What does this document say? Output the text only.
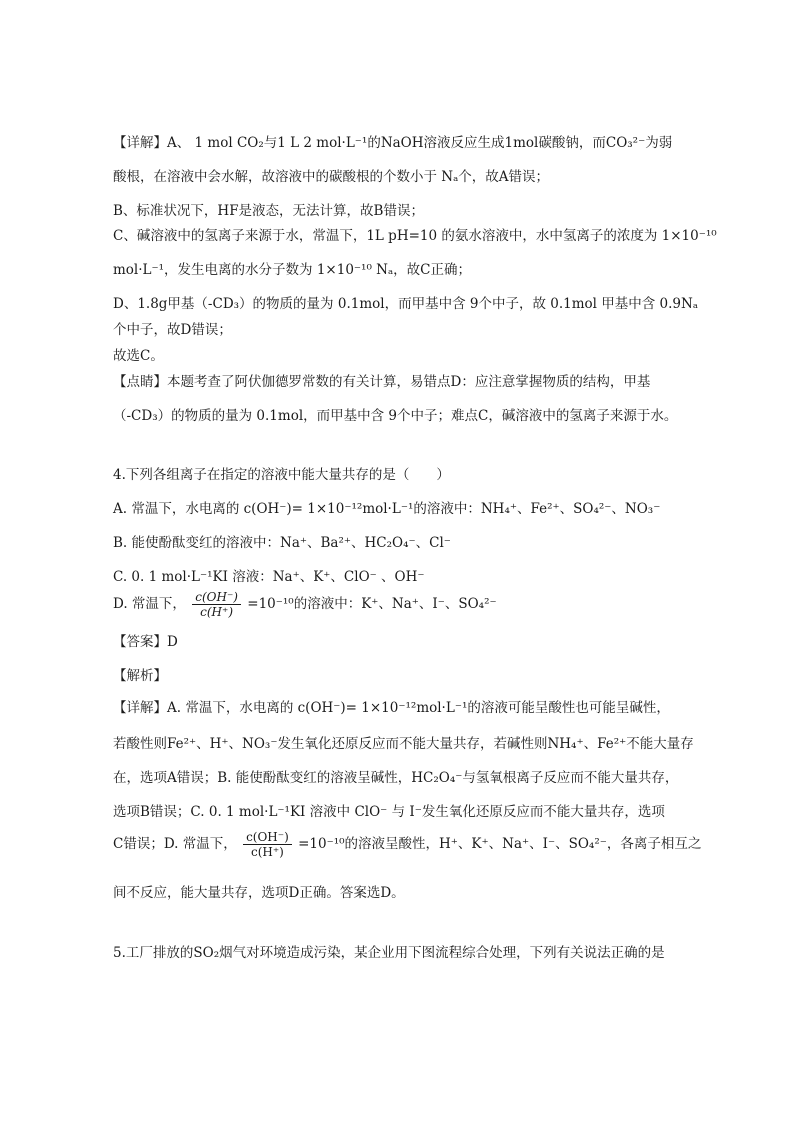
【详解】A、 1 mol CO₂与1 L 2 mol·L⁻¹的NaOH溶液反应生成1mol碳酸钠，而CO₃²⁻为弱
酸根，在溶液中会水解，故溶液中的碳酸根的个数小于 Nₐ个，故A错误；
B、标准状况下，HF是液态，无法计算，故B错误；
C、碱溶液中的氢离子来源于水，常温下，1L pH=10 的氨水溶液中，水中氢离子的浓度为 1×10⁻¹⁰
mol·L⁻¹，发生电离的水分子数为 1×10⁻¹⁰ Nₐ，故C正确；
D、1.8g甲基（-CD₃）的物质的量为 0.1mol，而甲基中含 9个中子，故 0.1mol 甲基中含 0.9Nₐ
个中子，故D错误；
故选C。
【点睛】本题考查了阿伏伽德罗常数的有关计算，易错点D：应注意掌握物质的结构，甲基
（-CD₃）的物质的量为 0.1mol，而甲基中含 9个中子；难点C，碱溶液中的氢离子来源于水。
4.下列各组离子在指定的溶液中能大量共存的是（　　）
A. 常温下，水电离的 c(OH⁻)= 1×10⁻¹²mol·L⁻¹的溶液中：NH₄⁺、Fe²⁺、SO₄²⁻、NO₃⁻
B. 能使酚酞变红的溶液中：Na⁺、Ba²⁺、HC₂O₄⁻、Cl⁻
C. 0. 1 mol·L⁻¹KI 溶液：Na⁺、K⁺、ClO⁻ 、OH⁻
D. 常温下， $\frac{c(OH^-)}{c(H^+)} =10^{-10}$的溶液中：K⁺、Na⁺、I⁻、SO₄²⁻
【答案】D
【解析】
【详解】A. 常温下，水电离的 c(OH⁻)= 1×10⁻¹²mol·L⁻¹的溶液可能呈酸性也可能呈碱性，
若酸性则Fe²⁺、H⁺、NO₃⁻发生氧化还原反应而不能大量共存，若碱性则NH₄⁺、Fe²⁺不能大量存
在，选项A错误；B. 能使酚酞变红的溶液呈碱性，HC₂O₄⁻与氢氧根离子反应而不能大量共存，
选项B错误；C. 0. 1 mol·L⁻¹KI 溶液中 ClO⁻ 与 I⁻发生氧化还原反应而不能大量共存，选项
C错误；D. 常温下， $\frac{c(OH^-)}{c(H^+)} =10^{-10}$的溶液呈酸性，H⁺、K⁺、Na⁺、I⁻、SO₄²⁻，各离子相互之
间不反应，能大量共存，选项D正确。答案选D。
5.工厂排放的SO₂烟气对环境造成污染，某企业用下图流程综合处理，下列有关说法正确的是
